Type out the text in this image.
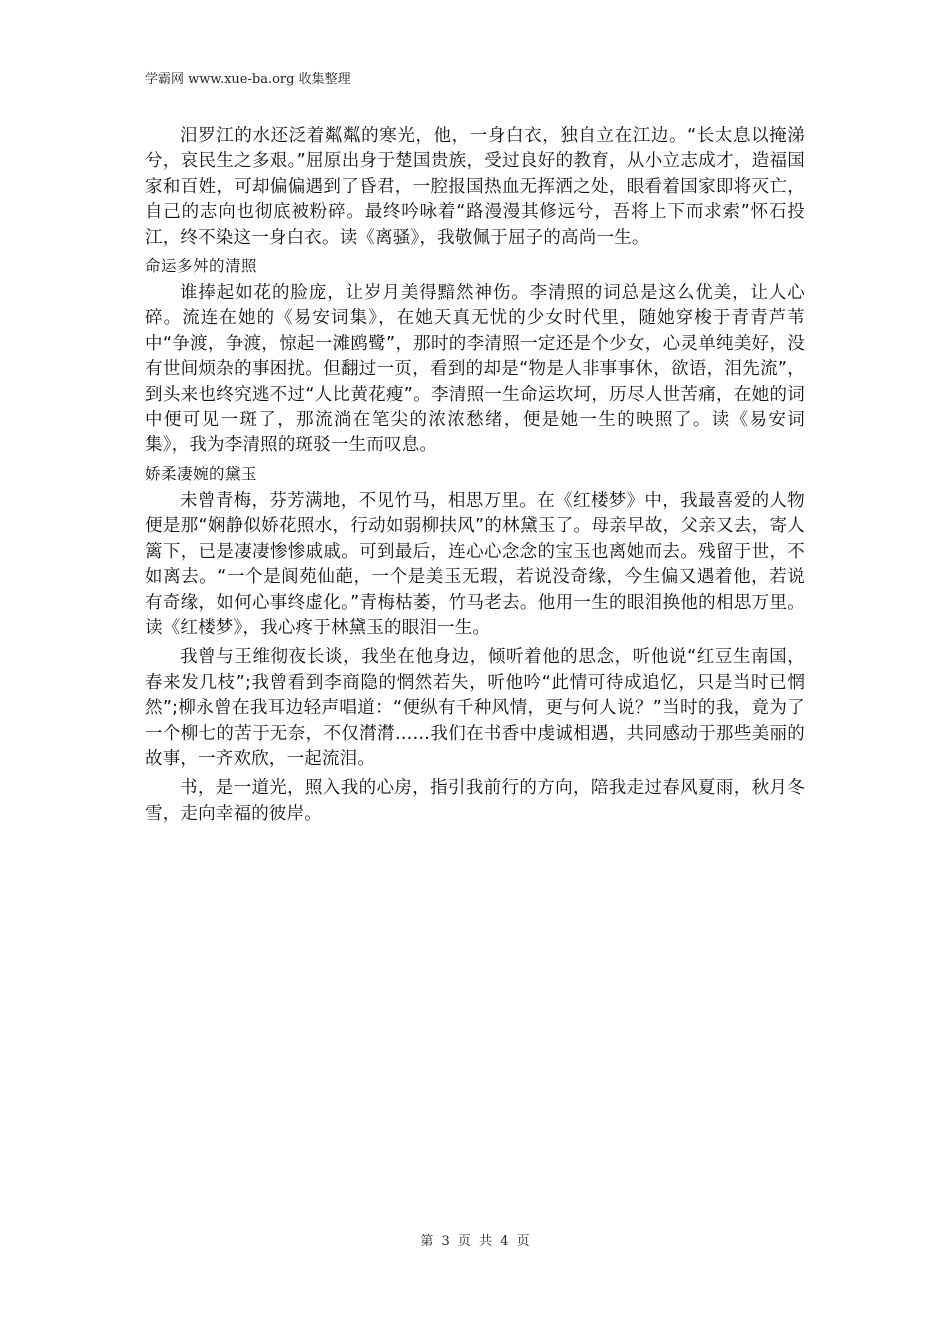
学霸网 www.xue-ba.org 收集整理

汨罗江的水还泛着粼粼的寒光，他，一身白衣，独自立在江边。“长太息以掩涕兮，哀民生之多艰。”屈原出身于楚国贵族，受过良好的教育，从小立志成才，造福国家和百姓，可却偏偏遇到了昏君，一腔报国热血无挥洒之处，眼看着国家即将灭亡，自己的志向也彻底被粉碎。最终吟咏着“路漫漫其修远兮，吾将上下而求索”怀石投江，终不染这一身白衣。读《离骚》，我敬佩于屈子的高尚一生。

命运多舛的清照

谁捧起如花的脸庞，让岁月美得黯然神伤。李清照的词总是这么优美，让人心碎。流连在她的《易安词集》，在她天真无忧的少女时代里，随她穿梭于青青芦苇中“争渡，争渡，惊起一滩鸥鹭”，那时的李清照一定还是个少女，心灵单纯美好，没有世间烦杂的事困扰。但翻过一页，看到的却是“物是人非事事休，欲语，泪先流”，到头来也终究逃不过“人比黄花瘦”。李清照一生命运坎坷，历尽人世苦痛，在她的词中便可见一斑了，那流淌在笔尖的浓浓愁绪，便是她一生的映照了。读《易安词集》，我为李清照的斑驳一生而叹息。

娇柔凄婉的黛玉

未曾青梅，芬芳满地，不见竹马，相思万里。在《红楼梦》中，我最喜爱的人物便是那“娴静似娇花照水，行动如弱柳扶风”的林黛玉了。母亲早故，父亲又去，寄人篱下，已是凄凄惨惨戚戚。可到最后，连心心念念的宝玉也离她而去。残留于世，不如离去。“一个是阆苑仙葩，一个是美玉无瑕，若说没奇缘，今生偏又遇着他，若说有奇缘，如何心事终虚化。”青梅枯萎，竹马老去。他用一生的眼泪换他的相思万里。读《红楼梦》，我心疼于林黛玉的眼泪一生。

我曾与王维彻夜长谈，我坐在他身边，倾听着他的思念，听他说“红豆生南国，春来发几枝”;我曾看到李商隐的惘然若失，听他吟“此情可待成追忆，只是当时已惘然”;柳永曾在我耳边轻声唱道：“便纵有千种风情，更与何人说？”当时的我，竟为了一个柳七的苦于无奈，不仅潸潸……我们在书香中虔诚相遇，共同感动于那些美丽的故事，一齐欢欣，一起流泪。

书，是一道光，照入我的心房，指引我前行的方向，陪我走过春风夏雨，秋月冬雪，走向幸福的彼岸。

第 3 页 共 4 页
